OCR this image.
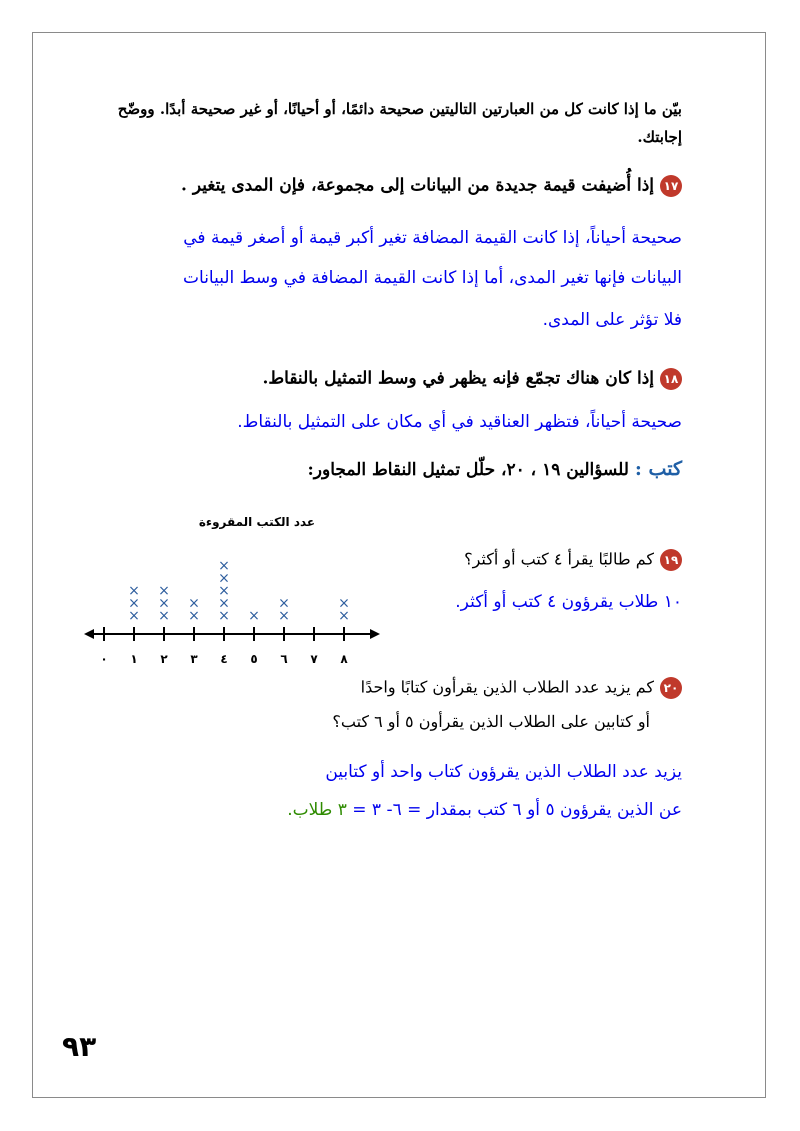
بيّن ما إذا كانت كل من العبارتين التاليتين صحيحة دائمًا، أو أحيانًا، أو غير صحيحة أبدًا. ووضّح
إجابتك.
١٧إذا أُضيفت قيمة جديدة من البيانات إلى مجموعة، فإن المدى يتغير .
صحيحة أحياناً، إذا كانت القيمة المضافة تغير أكبر قيمة أو أصغر قيمة في
البيانات فإنها تغير المدى، أما إذا كانت القيمة المضافة في وسط البيانات
فلا تؤثر على المدى.
١٨إذا كان هناك تجمّع فإنه يظهر في وسط التمثيل بالنقاط.
صحيحة أحياناً، فتظهر العناقيد في أي مكان على التمثيل بالنقاط.
كتب : للسؤالين ١٩ ، ٢٠، حلّل تمثيل النقاط المجاور:
عدد الكتب المقروءة
×
×
×
×
×
×
×
×
×
×
×
×
×
× ×
×
×
×
٠ ١ ٢ ٣ ٤ ٥ ٦ ٧ ٨
١٩كم طالبًا يقرأ ٤ كتب أو أكثر؟
١٠ طلاب يقرؤون ٤ كتب أو أكثر.
٢٠كم يزيد عدد الطلاب الذين يقرأون كتابًا واحدًا
أو كتابين على الطلاب الذين يقرأون ٥ أو ٦ كتب؟
يزيد عدد الطلاب الذين يقرؤون كتاب واحد أو كتابين
عن الذين يقرؤون ٥ أو ٦ كتب بمقدار = ٦- ٣ = ٣ طلاب.
٩٣
